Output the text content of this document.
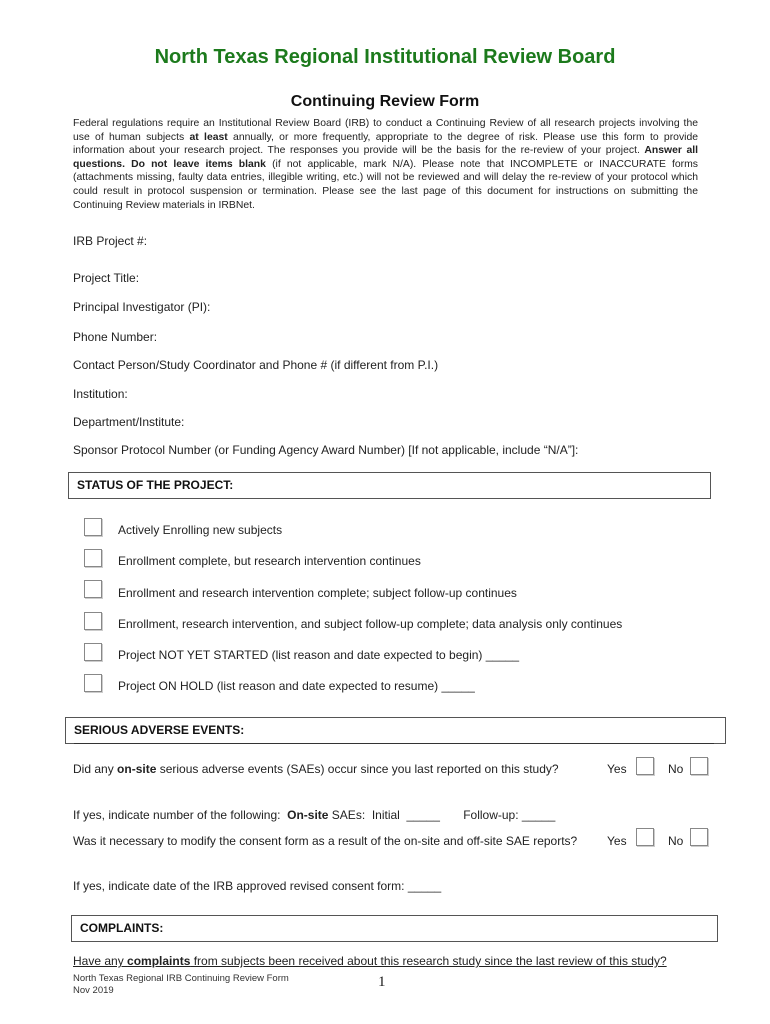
North Texas Regional Institutional Review Board
Continuing Review Form
Federal regulations require an Institutional Review Board (IRB) to conduct a Continuing Review of all research projects involving the use of human subjects at least annually, or more frequently, appropriate to the degree of risk. Please use this form to provide information about your research project. The responses you provide will be the basis for the re-review of your project. Answer all questions. Do not leave items blank (if not applicable, mark N/A). Please note that INCOMPLETE or INACCURATE forms (attachments missing, faulty data entries, illegible writing, etc.) will not be reviewed and will delay the re-review of your protocol which could result in protocol suspension or termination. Please see the last page of this document for instructions on submitting the Continuing Review materials in IRBNet.
IRB Project #:
Project Title:
Principal Investigator (PI):
Phone Number:
Contact Person/Study Coordinator and Phone # (if different from P.I.)
Institution:
Department/Institute:
Sponsor Protocol Number (or Funding Agency Award Number) [If not applicable, include “N/A”]:
STATUS OF THE PROJECT:
Actively Enrolling new subjects
Enrollment complete, but research intervention continues
Enrollment and research intervention complete; subject follow-up continues
Enrollment, research intervention, and subject follow-up complete; data analysis only continues
Project NOT YET STARTED (list reason and date expected to begin) _____
Project ON HOLD (list reason and date expected to resume) _____
SERIOUS ADVERSE EVENTS:
Did any on-site serious adverse events (SAEs) occur since you last reported on this study?	Yes	No
If yes, indicate number of the following:  On-site SAEs:  Initial  _____       Follow-up: _____
Was it necessary to modify the consent form as a result of the on-site and off-site SAE reports? Yes	No
If yes, indicate date of the IRB approved revised consent form: _____
COMPLAINTS:
Have any complaints from subjects been received about this research study since the last review of this study?
North Texas Regional IRB Continuing Review Form
Nov 2019
1
